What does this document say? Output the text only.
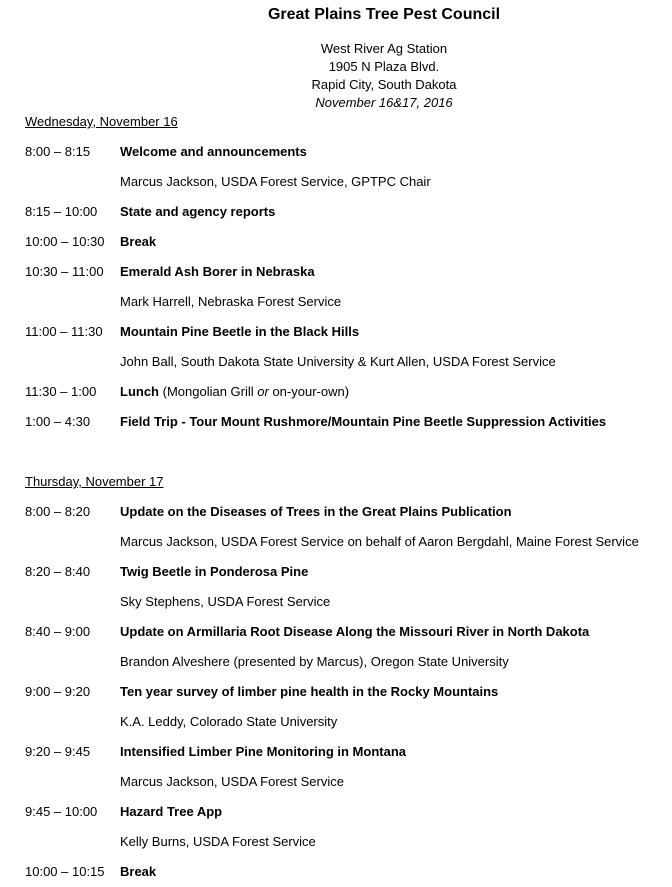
Great Plains Tree Pest Council
West River Ag Station
1905 N Plaza Blvd.
Rapid City, South Dakota
November 16&17, 2016
Wednesday, November 16
8:00 – 8:15 Welcome and announcements
Marcus Jackson, USDA Forest Service, GPTPC Chair
8:15 – 10:00 State and agency reports
10:00 – 10:30 Break
10:30 – 11:00 Emerald Ash Borer in Nebraska
Mark Harrell, Nebraska Forest Service
11:00 – 11:30 Mountain Pine Beetle in the Black Hills
John Ball, South Dakota State University & Kurt Allen, USDA Forest Service
11:30 – 1:00 Lunch (Mongolian Grill or on-your-own)
1:00 – 4:30 Field Trip - Tour Mount Rushmore/Mountain Pine Beetle Suppression Activities
Thursday, November 17
8:00 – 8:20 Update on the Diseases of Trees in the Great Plains Publication
Marcus Jackson, USDA Forest Service on behalf of Aaron Bergdahl, Maine Forest Service
8:20 – 8:40 Twig Beetle in Ponderosa Pine
Sky Stephens, USDA Forest Service
8:40 – 9:00 Update on Armillaria Root Disease Along the Missouri River in North Dakota
Brandon Alveshere (presented by Marcus), Oregon State University
9:00 – 9:20 Ten year survey of limber pine health in the Rocky Mountains
K.A. Leddy, Colorado State University
9:20 – 9:45 Intensified Limber Pine Monitoring in Montana
Marcus Jackson, USDA Forest Service
9:45 – 10:00 Hazard Tree App
Kelly Burns, USDA Forest Service
10:00 – 10:15 Break
